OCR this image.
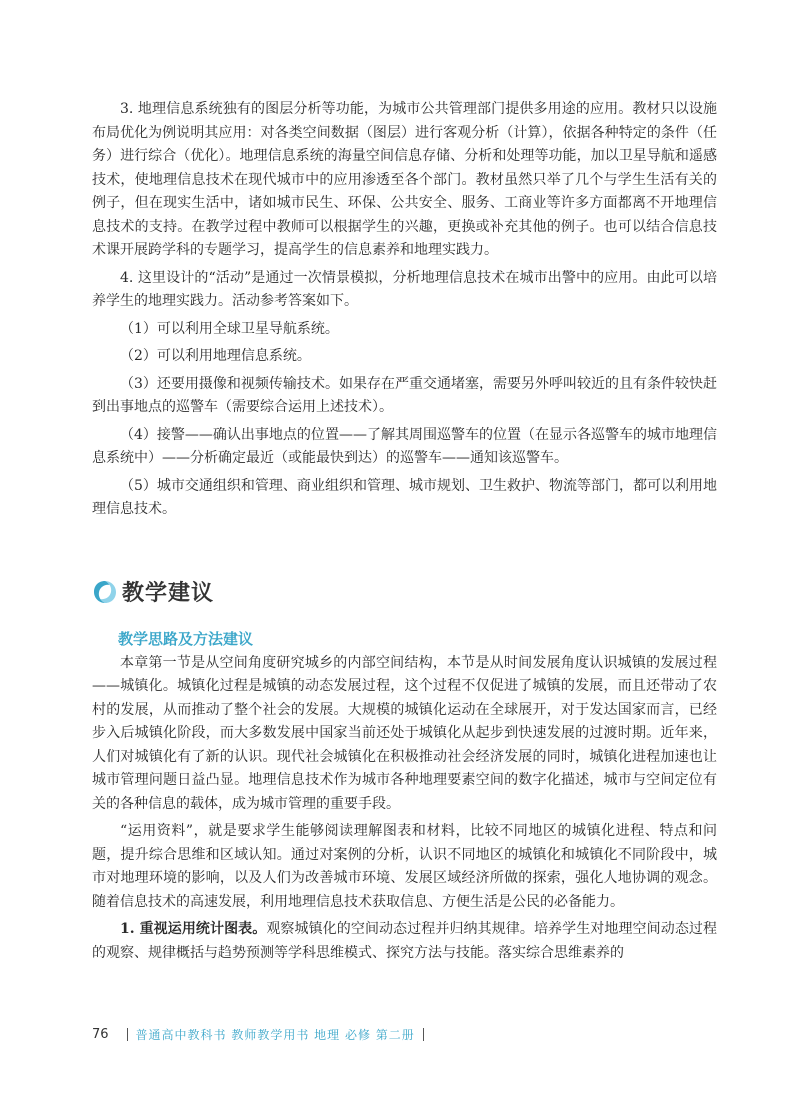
3. 地理信息系统独有的图层分析等功能，为城市公共管理部门提供多用途的应用。教材只以设施布局优化为例说明其应用：对各类空间数据（图层）进行客观分析（计算），依据各种特定的条件（任务）进行综合（优化）。地理信息系统的海量空间信息存储、分析和处理等功能，加以卫星导航和遥感技术，使地理信息技术在现代城市中的应用渗透至各个部门。教材虽然只举了几个与学生生活有关的例子，但在现实生活中，诸如城市民生、环保、公共安全、服务、工商业等许多方面都离不开地理信息技术的支持。在教学过程中教师可以根据学生的兴趣，更换或补充其他的例子。也可以结合信息技术课开展跨学科的专题学习，提高学生的信息素养和地理实践力。

4. 这里设计的“活动”是通过一次情景模拟，分析地理信息技术在城市出警中的应用。由此可以培养学生的地理实践力。活动参考答案如下。

（1）可以利用全球卫星导航系统。

（2）可以利用地理信息系统。

（3）还要用摄像和视频传输技术。如果存在严重交通堵塞，需要另外呼叫较近的且有条件较快赶到出事地点的巡警车（需要综合运用上述技术）。

（4）接警——确认出事地点的位置——了解其周围巡警车的位置（在显示各巡警车的城市地理信息系统中）——分析确定最近（或能最快到达）的巡警车——通知该巡警车。

（5）城市交通组织和管理、商业组织和管理、城市规划、卫生救护、物流等部门，都可以利用地理信息技术。

教学建议
教学思路及方法建议

本章第一节是从空间角度研究城乡的内部空间结构，本节是从时间发展角度认识城镇的发展过程——城镇化。城镇化过程是城镇的动态发展过程，这个过程不仅促进了城镇的发展，而且还带动了农村的发展，从而推动了整个社会的发展。大规模的城镇化运动在全球展开，对于发达国家而言，已经步入后城镇化阶段，而大多数发展中国家当前还处于城镇化从起步到快速发展的过渡时期。近年来，人们对城镇化有了新的认识。现代社会城镇化在积极推动社会经济发展的同时，城镇化进程加速也让城市管理问题日益凸显。地理信息技术作为城市各种地理要素空间的数字化描述，城市与空间定位有关的各种信息的载体，成为城市管理的重要手段。

“运用资料”，就是要求学生能够阅读理解图表和材料，比较不同地区的城镇化进程、特点和问题，提升综合思维和区域认知。通过对案例的分析，认识不同地区的城镇化和城镇化不同阶段中，城市对地理环境的影响，以及人们为改善城市环境、发展区域经济所做的探索，强化人地协调的观念。随着信息技术的高速发展，利用地理信息技术获取信息、方便生活是公民的必备能力。

1. 重视运用统计图表。观察城镇化的空间动态过程并归纳其规律。培养学生对地理空间动态过程的观察、规律概括与趋势预测等学科思维模式、探究方法与技能。落实综合思维素养的

76 普通高中教科书 教师教学用书 地理 必修 第二册
